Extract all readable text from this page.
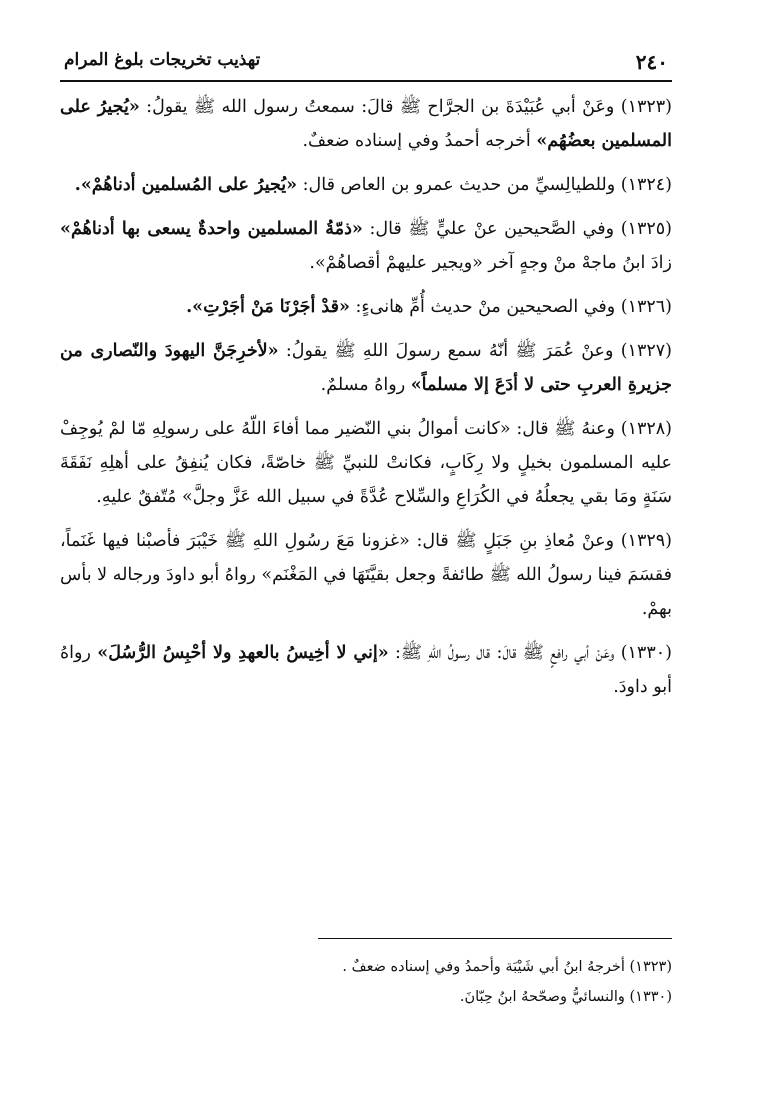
٢٤٠
تهذيب تخريجات بلوغ المرام

(١٣٢٣) وعَنْ أبي عُبَيْدَةَ بن الجرَّاح ﷺ قالَ: سمعتُ رسول الله ﷺ يقولُ: «يُجيرُ على المسلمين بعضُهُم» أخرجه أحمدُ وفي إسناده ضعفٌ.

(١٣٢٤) وللطيالِسيِّ من حديث عمرو بن العاص قال: «يُجيرُ على المُسلمين أدناهُمْ».

(١٣٢٥) وفي الصَّحيحين عنْ عليٍّ ﷺ قال: «ذمّةُ المسلمين واحدةٌ يسعى بها أدناهُمْ» زادَ ابنُ ماجهْ منْ وجهٍ آخر «ويجير عليهمْ أقصاهُمْ».

(١٣٢٦) وفي الصحيحين منْ حديث أُمِّ هانىءٍ: «قدْ أجَرْنَا مَنْ أجَرْتِ».

(١٣٢٧) وعنْ عُمَرَ ﷺ أنّهُ سمع رسولَ اللهِ ﷺ يقولُ: «لأخرِجَنَّ اليهودَ والنّصارى من جزيرةِ العربِ حتى لا أدَعَ إلا مسلماً» رواهُ مسلمٌ.

(١٣٢٨) وعنهُ ﷺ قال: «كانت أموالُ بني النّضير مما أفاءَ اللّهُ على رسولِهِ مّا لمْ يُوجِفْ عليه المسلمون بخيلٍ ولا رِكَابٍ، فكانتْ للنبيِّ ﷺ خاصّةً، فكان يُنفِقُ على أهلِهِ نَفَقَةَ سَنَةٍ ومَا بقي يجعلُهُ في الكُرَاعِ والسِّلاح عُدَّةً في سبيل الله عَزَّ وجلَّ» مُتّفقٌ عليهِ.

(١٣٢٩) وعنْ مُعاذِ بنِ جَبَلٍ ﷺ قال: «غزونا مَعَ رسُولِ اللهِ ﷺ خَيْبَرَ فأصبْنا فيها غَنَماً، فقسَمَ فينا رسولُ الله ﷺ طائفةً وجعل بقيَّتَهَا في المَغْنَم» رواهُ أبو داودَ ورجاله لا بأس بهمْ.

(١٣٣٠) وعَنْ أبي رافعٍ ﷺ قالَ: قال رسولُ اللهِ ﷺ: «إني لا أخِيسُ بالعهدِ ولا أحْبِسُ الرُّسُلَ» رواهُ أبو داودَ.

(١٣٢٣) أخرجهُ ابنُ أبي شَيْبَة وأحمدُ وفي إسناده ضعفٌ .
(١٣٣٠) والنسائيُّ وصحّحهُ ابنُ حِبّانَ.
